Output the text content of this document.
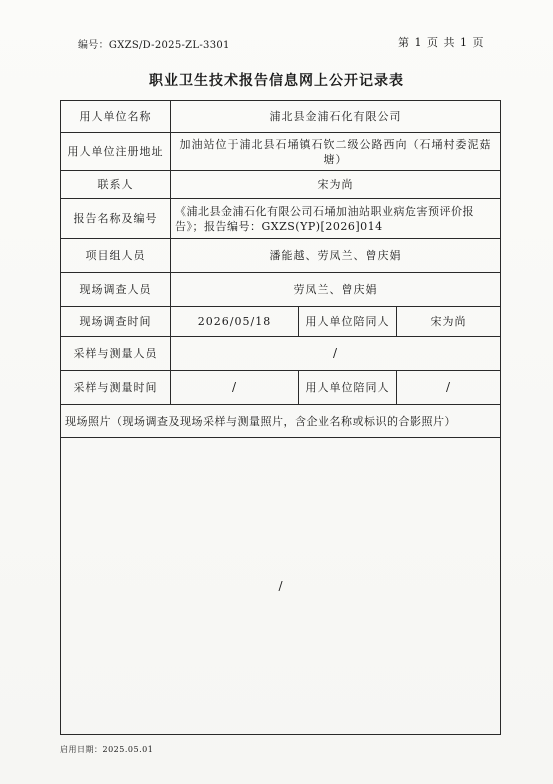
编号：GXZS/D-2025-ZL-3301	第 1 页 共 1 页
职业卫生技术报告信息网上公开记录表
用人单位名称	浦北县金浦石化有限公司		
用人单位注册地址	加油站位于浦北县石埇镇石钦二级公路西向（石埇村委泥菇塘）		
联系人	宋为尚		
报告名称及编号	《浦北县金浦石化有限公司石埇加油站职业病危害预评价报告》；报告编号：GXZS(YP)[2026]014		
项目组人员	潘能越、劳凤兰、曾庆娟		
现场调查人员	劳凤兰、曾庆娟		
现场调查时间	2026/05/18	用人单位陪同人	宋为尚
采样与测量人员	/		
采样与测量时间	/	用人单位陪同人	/
现场照片（现场调查及现场采样与测量照片，含企业名称或标识的合影照片）			
/			
启用日期：2025.05.01
